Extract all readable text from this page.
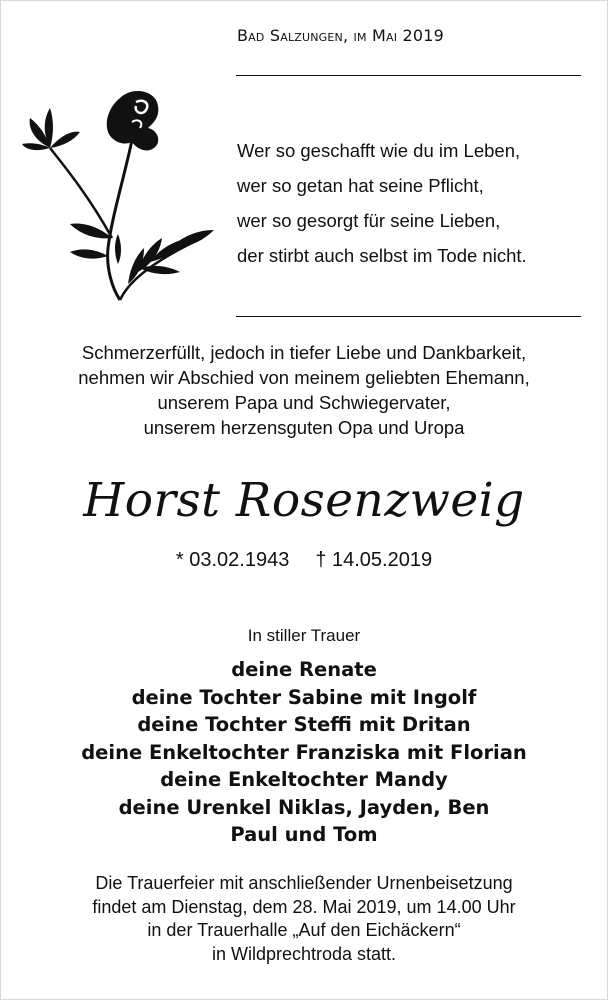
Bad Salzungen, im Mai 2019
Wer so geschafft wie du im Leben,
wer so getan hat seine Pflicht,
wer so gesorgt für seine Lieben,
der stirbt auch selbst im Tode nicht.
Schmerzerfüllt, jedoch in tiefer Liebe und Dankbarkeit,
nehmen wir Abschied von meinem geliebten Ehemann,
unserem Papa und Schwiegervater,
unserem herzensguten Opa und Uropa
Horst Rosenzweig
* 03.02.1943 † 14.05.2019
In stiller Trauer
deine Renate
deine Tochter Sabine mit Ingolf
deine Tochter Steffi mit Dritan
deine Enkeltochter Franziska mit Florian
deine Enkeltochter Mandy
deine Urenkel Niklas, Jayden, Ben
Paul und Tom
Die Trauerfeier mit anschließender Urnenbeisetzung
findet am Dienstag, dem 28. Mai 2019, um 14.00 Uhr
in der Trauerhalle „Auf den Eichäckern“
in Wildprechtroda statt.
